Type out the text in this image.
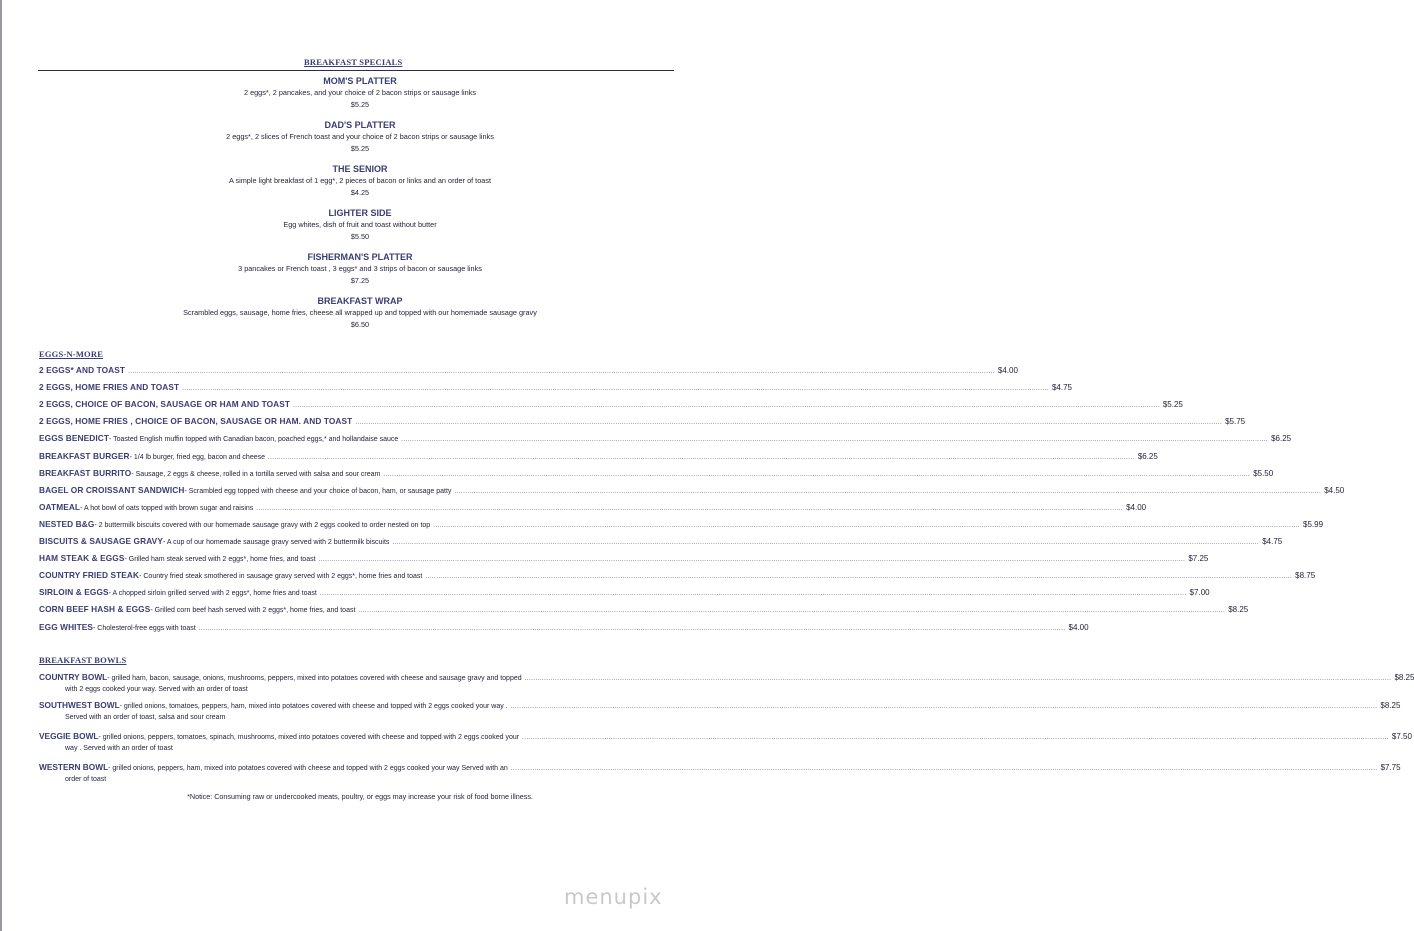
BREAKFAST SPECIALS
MOM'S PLATTER
2 eggs*, 2 pancakes, and your choice of 2 bacon strips or sausage links
$5.25
DAD'S PLATTER
2 eggs*, 2 slices of French toast and your choice of 2 bacon strips or sausage links
$5.25
THE SENIOR
A simple light breakfast of 1 egg*, 2 pieces of bacon or links and an order of toast
$4.25
LIGHTER SIDE
Egg whites, dish of fruit and toast without butter
$5.50
FISHERMAN'S PLATTER
3 pancakes or French toast , 3 eggs* and 3 strips of bacon or sausage links
$7.25
BREAKFAST WRAP
Scrambled eggs, sausage, home fries, cheese all wrapped up and topped with our homemade sausage gravy
$6.50
EGGS-N-MORE
2 EGGS* AND TOAST ................................................................................................................................................................................................................................................................................................................................................................................................................ $4.00
2 EGGS, HOME FRIES AND TOAST ................................................................................................................................................................................................................................................................................................................................................................................................................ $4.75
2 EGGS, CHOICE OF BACON, SAUSAGE OR HAM AND TOAST ................................................................................................................................................................................................................................................................................................................................................................................................................ $5.25
2 EGGS, HOME FRIES , CHOICE OF BACON, SAUSAGE OR HAM. AND TOAST ................................................................................................................................................................................................................................................................................................................................................................................................................ $5.75
EGGS BENEDICT - Toasted English muffin topped with Canadian bacon, poached eggs,* and hollandaise sauce ................................................................................................................................................................................................................................................................................................................................................................................................................ $6.25
BREAKFAST BURGER - 1/4 lb burger, fried egg, bacon and cheese ................................................................................................................................................................................................................................................................................................................................................................................................................ $6.25
BREAKFAST BURRITO - Sausage, 2 eggs & cheese, rolled in a tortilla served with salsa and sour cream ................................................................................................................................................................................................................................................................................................................................................................................................................ $5.50
BAGEL OR CROISSANT SANDWICH - Scrambled egg topped with cheese and your choice of bacon, ham, or sausage patty ................................................................................................................................................................................................................................................................................................................................................................................................................ $4.50
OATMEAL - A hot bowl of oats topped with brown sugar and raisins ................................................................................................................................................................................................................................................................................................................................................................................................................ $4.00
NESTED B&G - 2 buttermilk biscuits covered with our homemade sausage gravy with 2 eggs cooked to order nested on top ................................................................................................................................................................................................................................................................................................................................................................................................................ $5.99
BISCUITS & SAUSAGE GRAVY - A cup of our homemade sausage gravy served with 2 buttermilk biscuits ................................................................................................................................................................................................................................................................................................................................................................................................................ $4.75
HAM STEAK & EGGS - Grilled ham steak served with 2 eggs*, home fries, and toast ................................................................................................................................................................................................................................................................................................................................................................................................................ $7.25
COUNTRY FRIED STEAK - Country fried steak smothered in sausage gravy served with 2 eggs*, home fries and toast ................................................................................................................................................................................................................................................................................................................................................................................................................ $8.75
SIRLOIN & EGGS - A chopped sirloin grilled served with 2 eggs*, home fries and toast ................................................................................................................................................................................................................................................................................................................................................................................................................ $7.00
CORN BEEF HASH & EGGS - Grilled corn beef hash served with 2 eggs*, home fries, and toast ................................................................................................................................................................................................................................................................................................................................................................................................................ $8.25
EGG WHITES - Cholesterol-free eggs with toast ................................................................................................................................................................................................................................................................................................................................................................................................................ $4.00
BREAKFAST BOWLS
COUNTRY BOWL - grilled ham, bacon, sausage, onions, mushrooms, peppers, mixed into potatoes covered with cheese and sausage gravy and topped ................................................................................................................................................................................................................................................................................................................................................................................................................ $8.25
with 2 eggs cooked your way. Served with an order of toast
SOUTHWEST BOWL - grilled onions, tomatoes, peppers, ham, mixed into potatoes covered with cheese and topped with 2 eggs cooked your way . ................................................................................................................................................................................................................................................................................................................................................................................................................ $8.25
Served with an order of toast, salsa and sour cream
VEGGIE BOWL - grilled onions, peppers, tomatoes, spinach, mushrooms, mixed into potatoes covered with cheese and topped with 2 eggs cooked your ................................................................................................................................................................................................................................................................................................................................................................................................................ $7.50
way . Served with an order of toast
WESTERN BOWL - grilled onions, peppers, ham, mixed into potatoes covered with cheese and topped with 2 eggs cooked your way Served with an ................................................................................................................................................................................................................................................................................................................................................................................................................ $7.75
order of toast
*Notice: Consuming raw or undercooked meats, poultry, or eggs may increase your risk of food borne illness.
menupix
